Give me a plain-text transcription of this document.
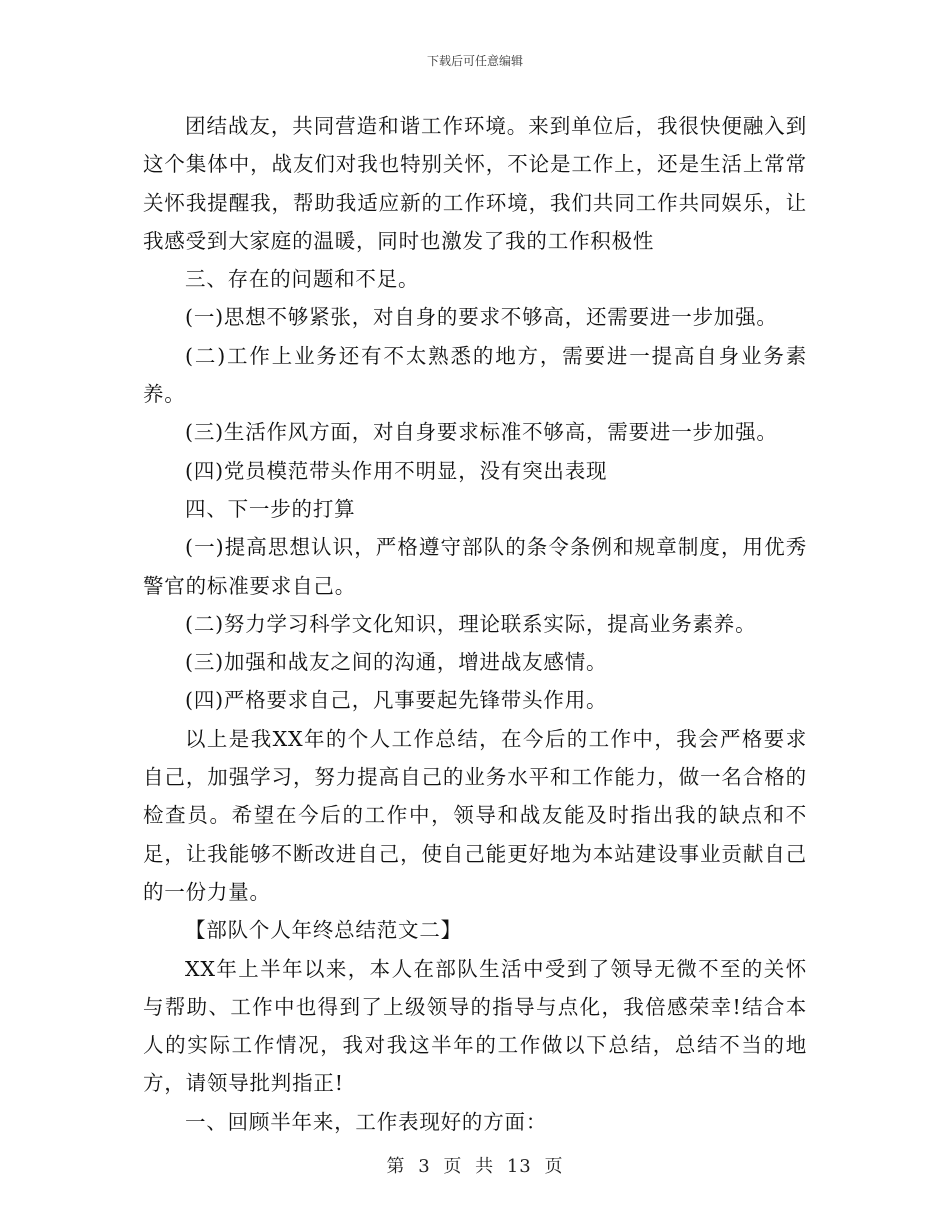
下载后可任意编辑

团结战友，共同营造和谐工作环境。来到单位后，我很快便融入到这个集体中，战友们对我也特别关怀，不论是工作上，还是生活上常常关怀我提醒我，帮助我适应新的工作环境，我们共同工作共同娱乐，让我感受到大家庭的温暖，同时也激发了我的工作积极性

三、存在的问题和不足。

(一)思想不够紧张，对自身的要求不够高，还需要进一步加强。

(二)工作上业务还有不太熟悉的地方，需要进一提高自身业务素养。

(三)生活作风方面，对自身要求标准不够高，需要进一步加强。

(四)党员模范带头作用不明显，没有突出表现

四、下一步的打算

(一)提高思想认识，严格遵守部队的条令条例和规章制度，用优秀警官的标准要求自己。

(二)努力学习科学文化知识，理论联系实际，提高业务素养。

(三)加强和战友之间的沟通，增进战友感情。

(四)严格要求自己，凡事要起先锋带头作用。

以上是我XX年的个人工作总结，在今后的工作中，我会严格要求自己，加强学习，努力提高自己的业务水平和工作能力，做一名合格的检查员。希望在今后的工作中，领导和战友能及时指出我的缺点和不足，让我能够不断改进自己，使自己能更好地为本站建设事业贡献自己的一份力量。

【部队个人年终总结范文二】

XX年上半年以来，本人在部队生活中受到了领导无微不至的关怀与帮助、工作中也得到了上级领导的指导与点化，我倍感荣幸!结合本人的实际工作情况，我对我这半年的工作做以下总结，总结不当的地方，请领导批判指正!

一、回顾半年来，工作表现好的方面：

第 3 页 共 13 页
